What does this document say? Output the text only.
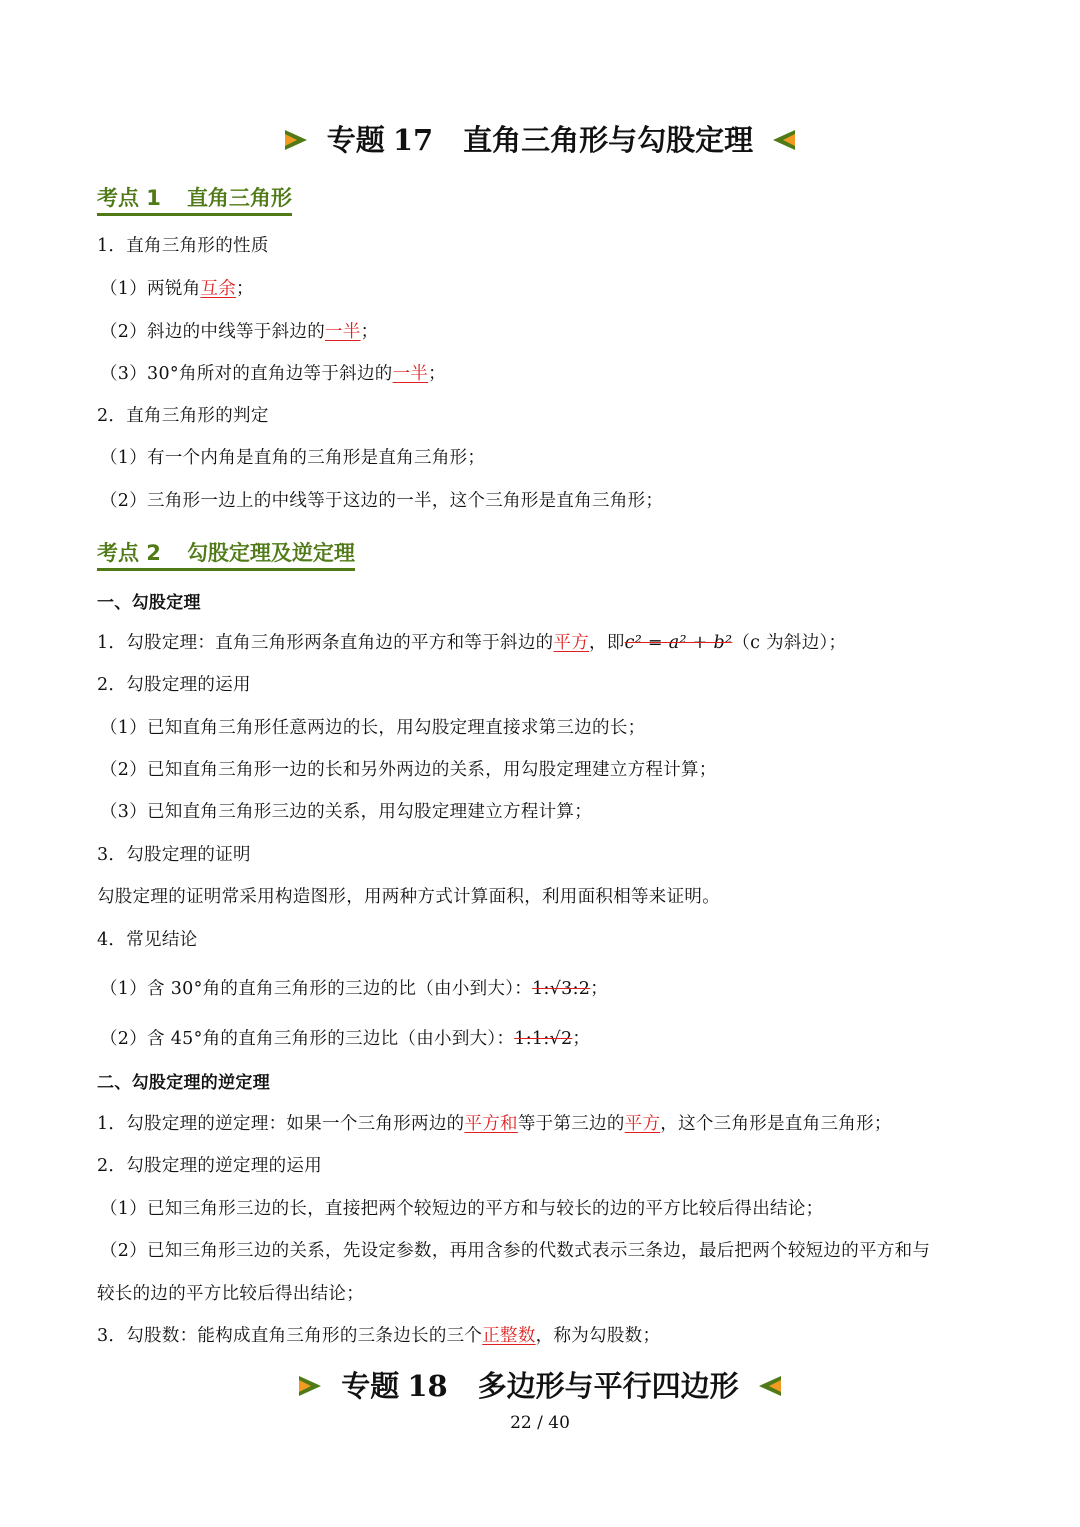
专题 17 直角三角形与勾股定理
考点 1 直角三角形
1．直角三角形的性质
（1）两锐角互余；
（2）斜边的中线等于斜边的一半；
（3）30°角所对的直角边等于斜边的一半；
2．直角三角形的判定
（1）有一个内角是直角的三角形是直角三角形；
（2）三角形一边上的中线等于这边的一半，这个三角形是直角三角形；
考点 2 勾股定理及逆定理
一、勾股定理
1．勾股定理：直角三角形两条直角边的平方和等于斜边的平方，即c² = a² + b²（c 为斜边）；
2．勾股定理的运用
（1）已知直角三角形任意两边的长，用勾股定理直接求第三边的长；
（2）已知直角三角形一边的长和另外两边的关系，用勾股定理建立方程计算；
（3）已知直角三角形三边的关系，用勾股定理建立方程计算；
3．勾股定理的证明
勾股定理的证明常采用构造图形，用两种方式计算面积，利用面积相等来证明。
4．常见结论
（1）含 30°角的直角三角形的三边的比（由小到大）：1:√3:2；
（2）含 45°角的直角三角形的三边比（由小到大）：1:1:√2；
二、勾股定理的逆定理
1．勾股定理的逆定理：如果一个三角形两边的平方和等于第三边的平方，这个三角形是直角三角形；
2．勾股定理的逆定理的运用
（1）已知三角形三边的长，直接把两个较短边的平方和与较长的边的平方比较后得出结论；
（2）已知三角形三边的关系，先设定参数，再用含参的代数式表示三条边，最后把两个较短边的平方和与
较长的边的平方比较后得出结论；
3．勾股数：能构成直角三角形的三条边长的三个正整数，称为勾股数；
专题 18 多边形与平行四边形
22 / 40
